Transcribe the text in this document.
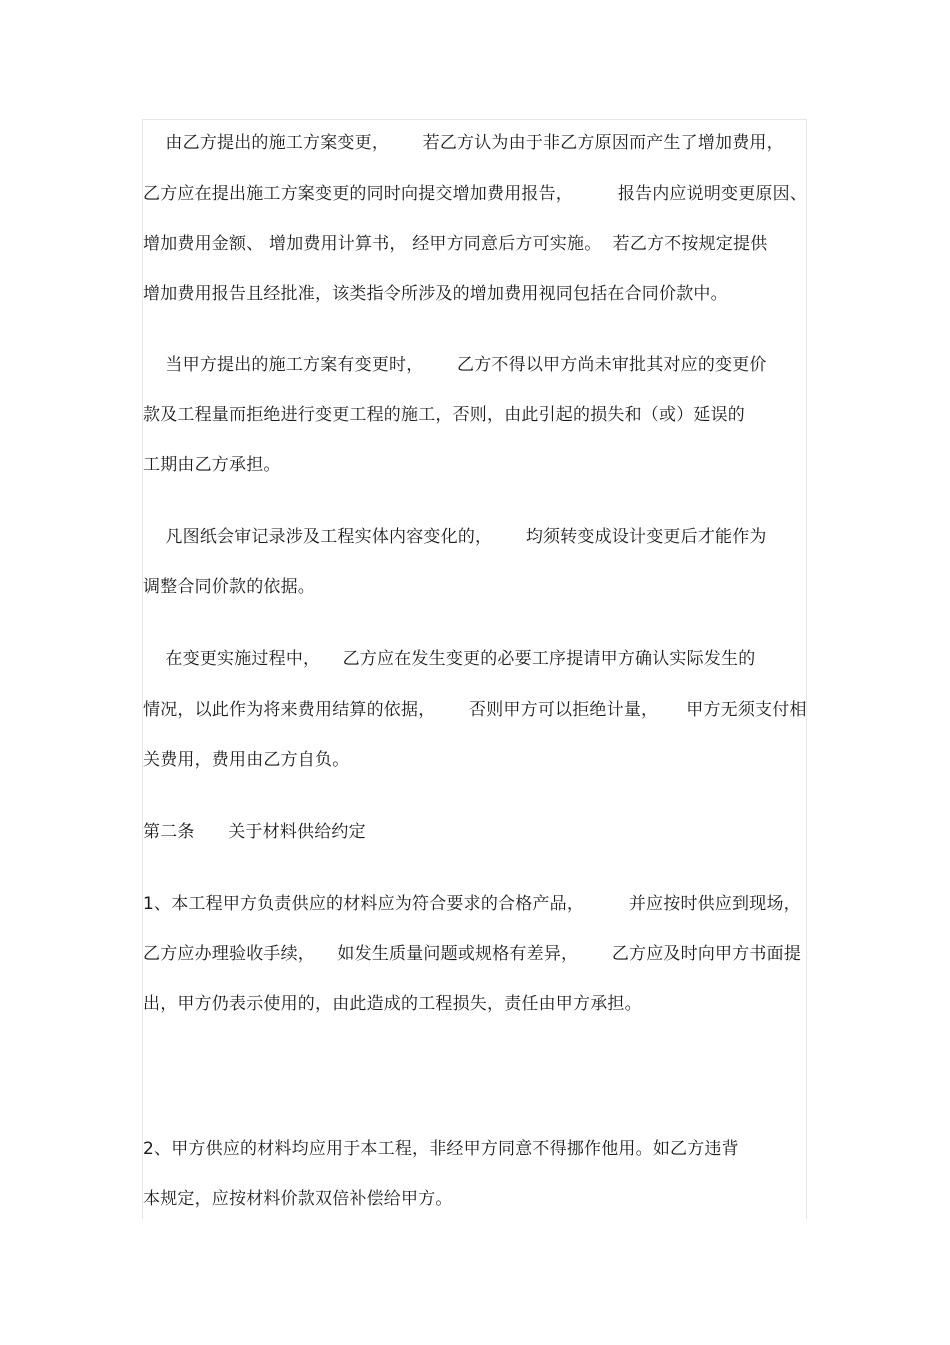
由乙方提出的施工方案变更，      若乙方认为由于非乙方原因而产生了增加费用，
乙方应在提出施工方案变更的同时向提交增加费用报告，        报告内应说明变更原因、
增加费用金额、 增加费用计算书， 经甲方同意后方可实施。  若乙方不按规定提供
增加费用报告且经批准，该类指令所涉及的增加费用视同包括在合同价款中。
当甲方提出的施工方案有变更时，      乙方不得以甲方尚未审批其对应的变更价
款及工程量而拒绝进行变更工程的施工，否则，由此引起的损失和（或）延误的
工期由乙方承担。
凡图纸会审记录涉及工程实体内容变化的，      均须转变成设计变更后才能作为
调整合同价款的依据。
在变更实施过程中，    乙方应在发生变更的必要工序提请甲方确认实际发生的
情况，以此作为将来费用结算的依据，      否则甲方可以拒绝计量，     甲方无须支付相
关费用，费用由乙方自负。
第二条      关于材料供给约定
1、本工程甲方负责供应的材料应为符合要求的合格产品，        并应按时供应到现场，
乙方应办理验收手续，    如发生质量问题或规格有差异，      乙方应及时向甲方书面提
出，甲方仍表示使用的，由此造成的工程损失，责任由甲方承担。
2、甲方供应的材料均应用于本工程，非经甲方同意不得挪作他用。如乙方违背
本规定，应按材料价款双倍补偿给甲方。
